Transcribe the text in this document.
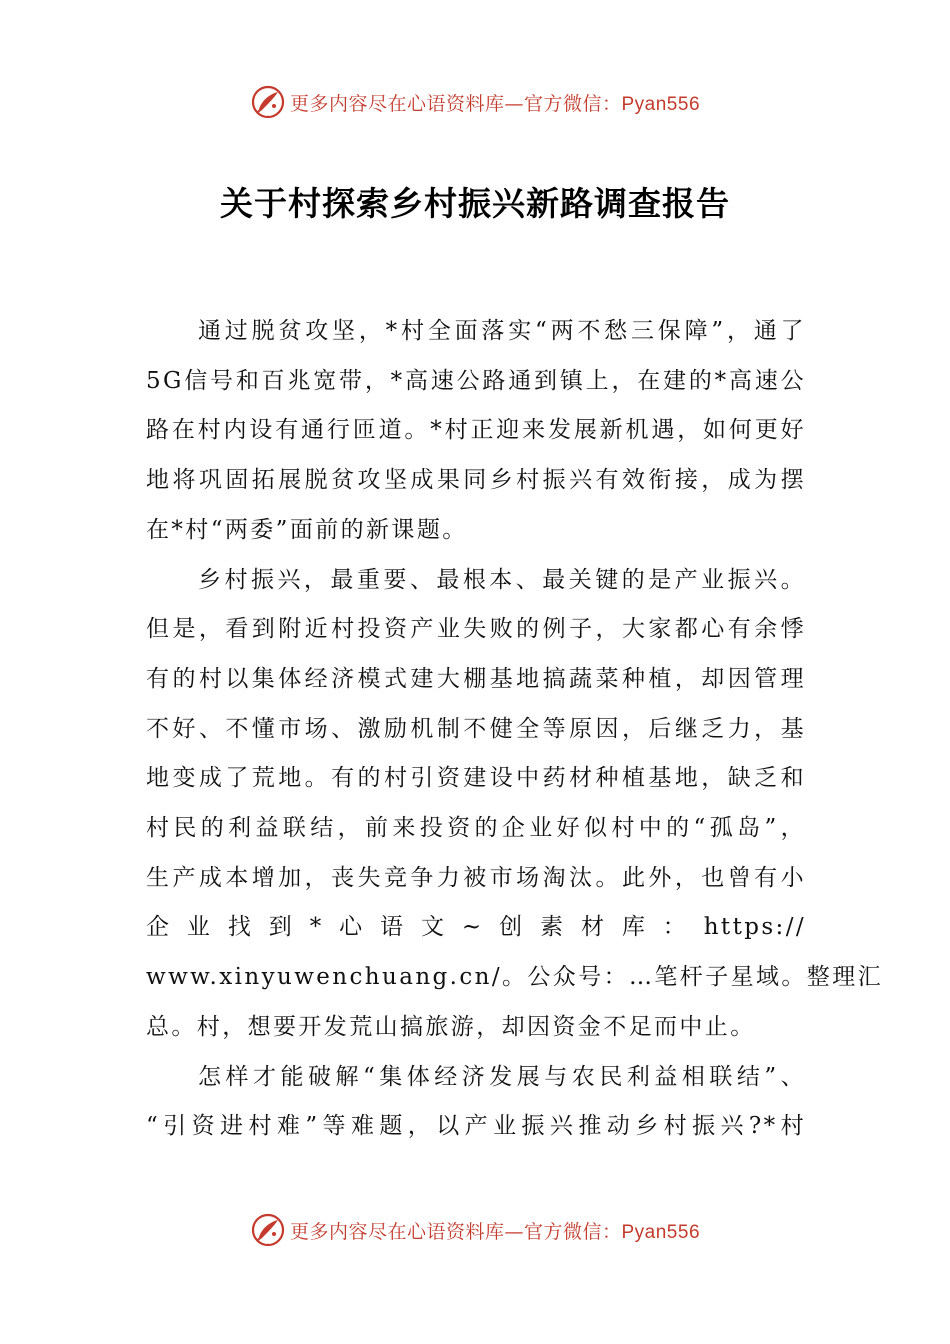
更多内容尽在心语资料库—官方微信：Pyan556
关于村探索乡村振兴新路调查报告
通过脱贫攻坚，*村全面落实“两不愁三保障”，通了
5G信号和百兆宽带，*高速公路通到镇上，在建的*高速公
路在村内设有通行匝道。*村正迎来发展新机遇，如何更好
地将巩固拓展脱贫攻坚成果同乡村振兴有效衔接，成为摆
在*村“两委”面前的新课题。
乡村振兴，最重要、最根本、最关键的是产业振兴。
但是，看到附近村投资产业失败的例子，大家都心有余悸
有的村以集体经济模式建大棚基地搞蔬菜种植，却因管理
不好、不懂市场、激励机制不健全等原因，后继乏力，基
地变成了荒地。有的村引资建设中药材种植基地，缺乏和
村民的利益联结，前来投资的企业好似村中的“孤岛”，
生产成本增加，丧失竞争力被市场淘汰。此外，也曾有小
企业找到*心语文~创素材库：https://
www.xinyuwenchuang.cn/。公众号：…笔杆子星域。整理汇
总。村，想要开发荒山搞旅游，却因资金不足而中止。
怎样才能破解“集体经济发展与农民利益相联结”、
“引资进村难”等难题，以产业振兴推动乡村振兴?*村
更多内容尽在心语资料库—官方微信：Pyan556
